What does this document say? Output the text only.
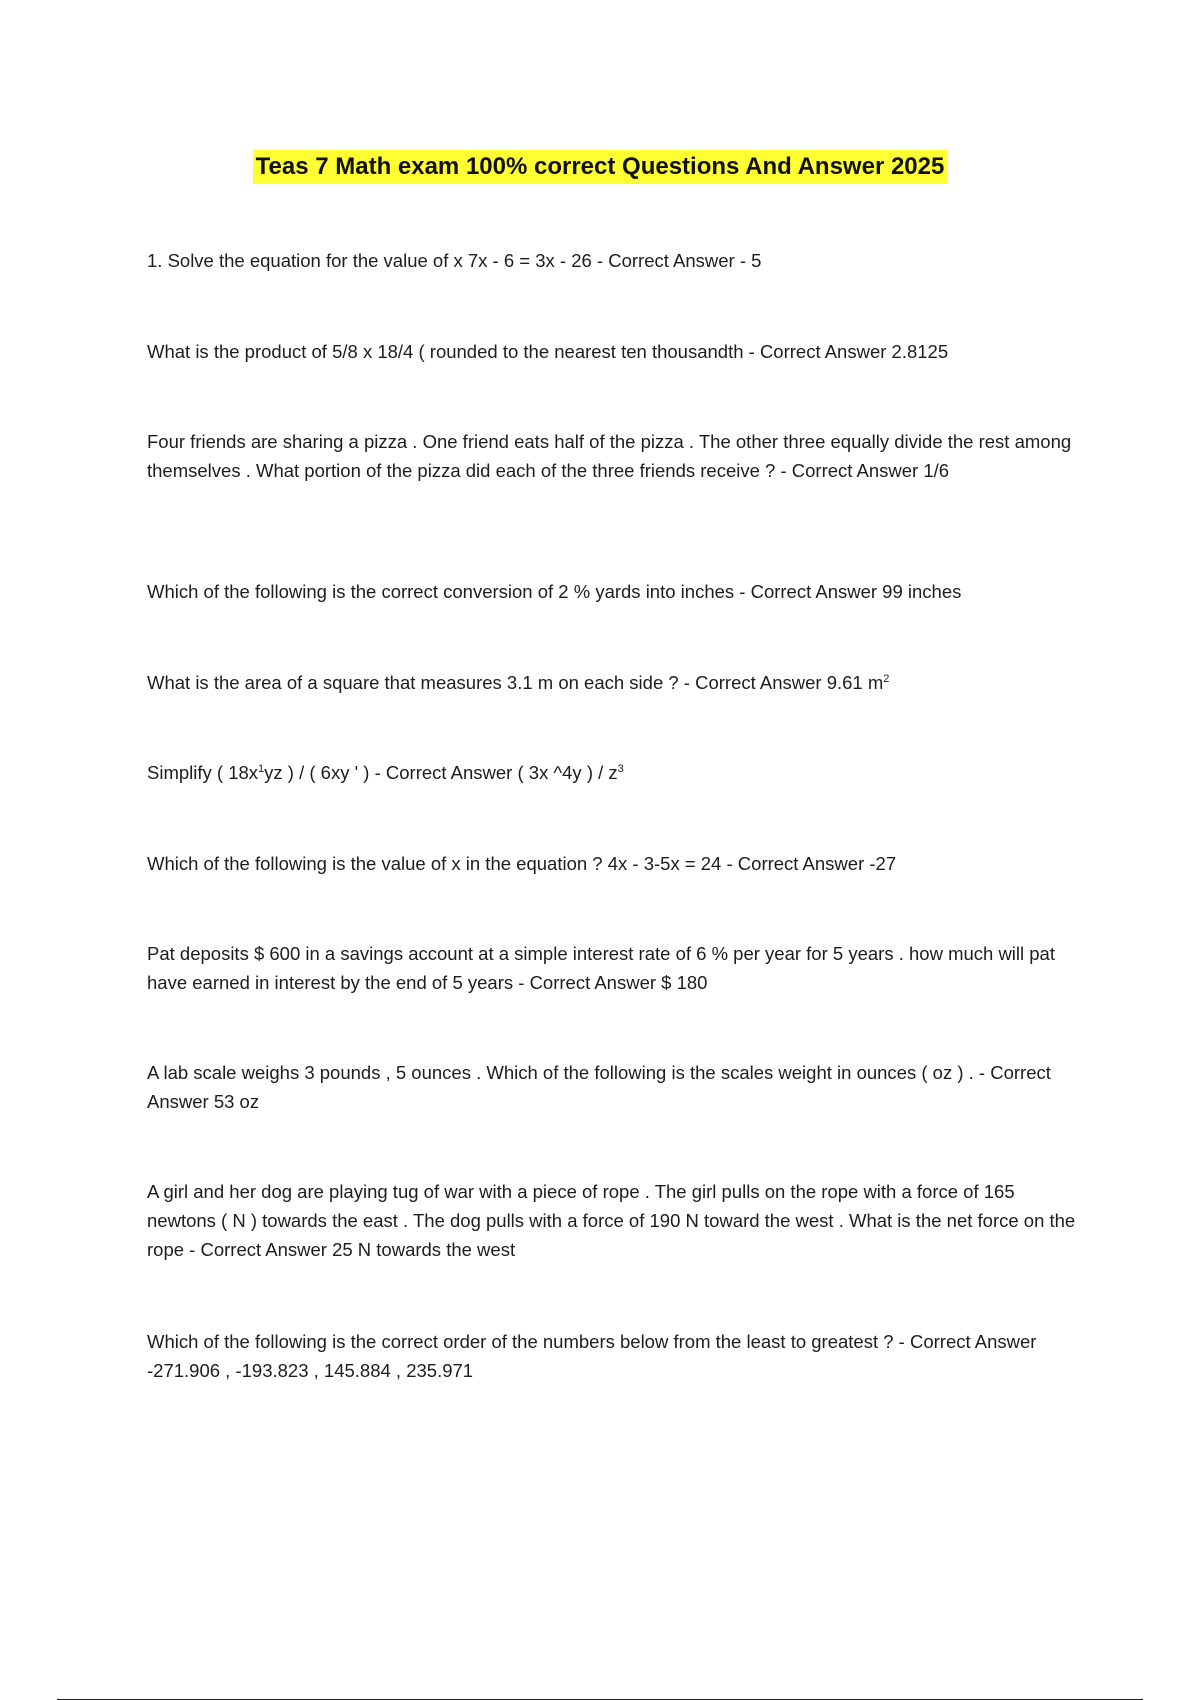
Teas 7 Math exam 100% correct Questions And Answer 2025

1. Solve the equation for the value of x 7x - 6 = 3x - 26 - Correct Answer - 5

What is the product of 5/8 x 18/4 ( rounded to the nearest ten thousandth - Correct Answer 2.8125

Four friends are sharing a pizza . One friend eats half of the pizza . The other three equally divide the rest among themselves . What portion of the pizza did each of the three friends receive ? - Correct Answer 1/6

Which of the following is the correct conversion of 2 % yards into inches - Correct Answer 99 inches

What is the area of a square that measures 3.1 m on each side ? - Correct Answer 9.61 $m^2$

Simplify ( $18x^1yz$ ) / ( 6xy ' ) - Correct Answer ( 3x ^4y ) / $z^3$

Which of the following is the value of x in the equation ? 4x - 3-5x = 24 - Correct Answer -27

Pat deposits $ 600 in a savings account at a simple interest rate of 6 % per year for 5 years . how much will pat have earned in interest by the end of 5 years - Correct Answer $ 180

A lab scale weighs 3 pounds , 5 ounces . Which of the following is the scales weight in ounces ( oz ) . - Correct Answer 53 oz

A girl and her dog are playing tug of war with a piece of rope . The girl pulls on the rope with a force of 165 newtons ( N ) towards the east . The dog pulls with a force of 190 N toward the west . What is the net force on the rope - Correct Answer 25 N towards the west

Which of the following is the correct order of the numbers below from the least to greatest ? - Correct Answer -271.906 , -193.823 , 145.884 , 235.971
